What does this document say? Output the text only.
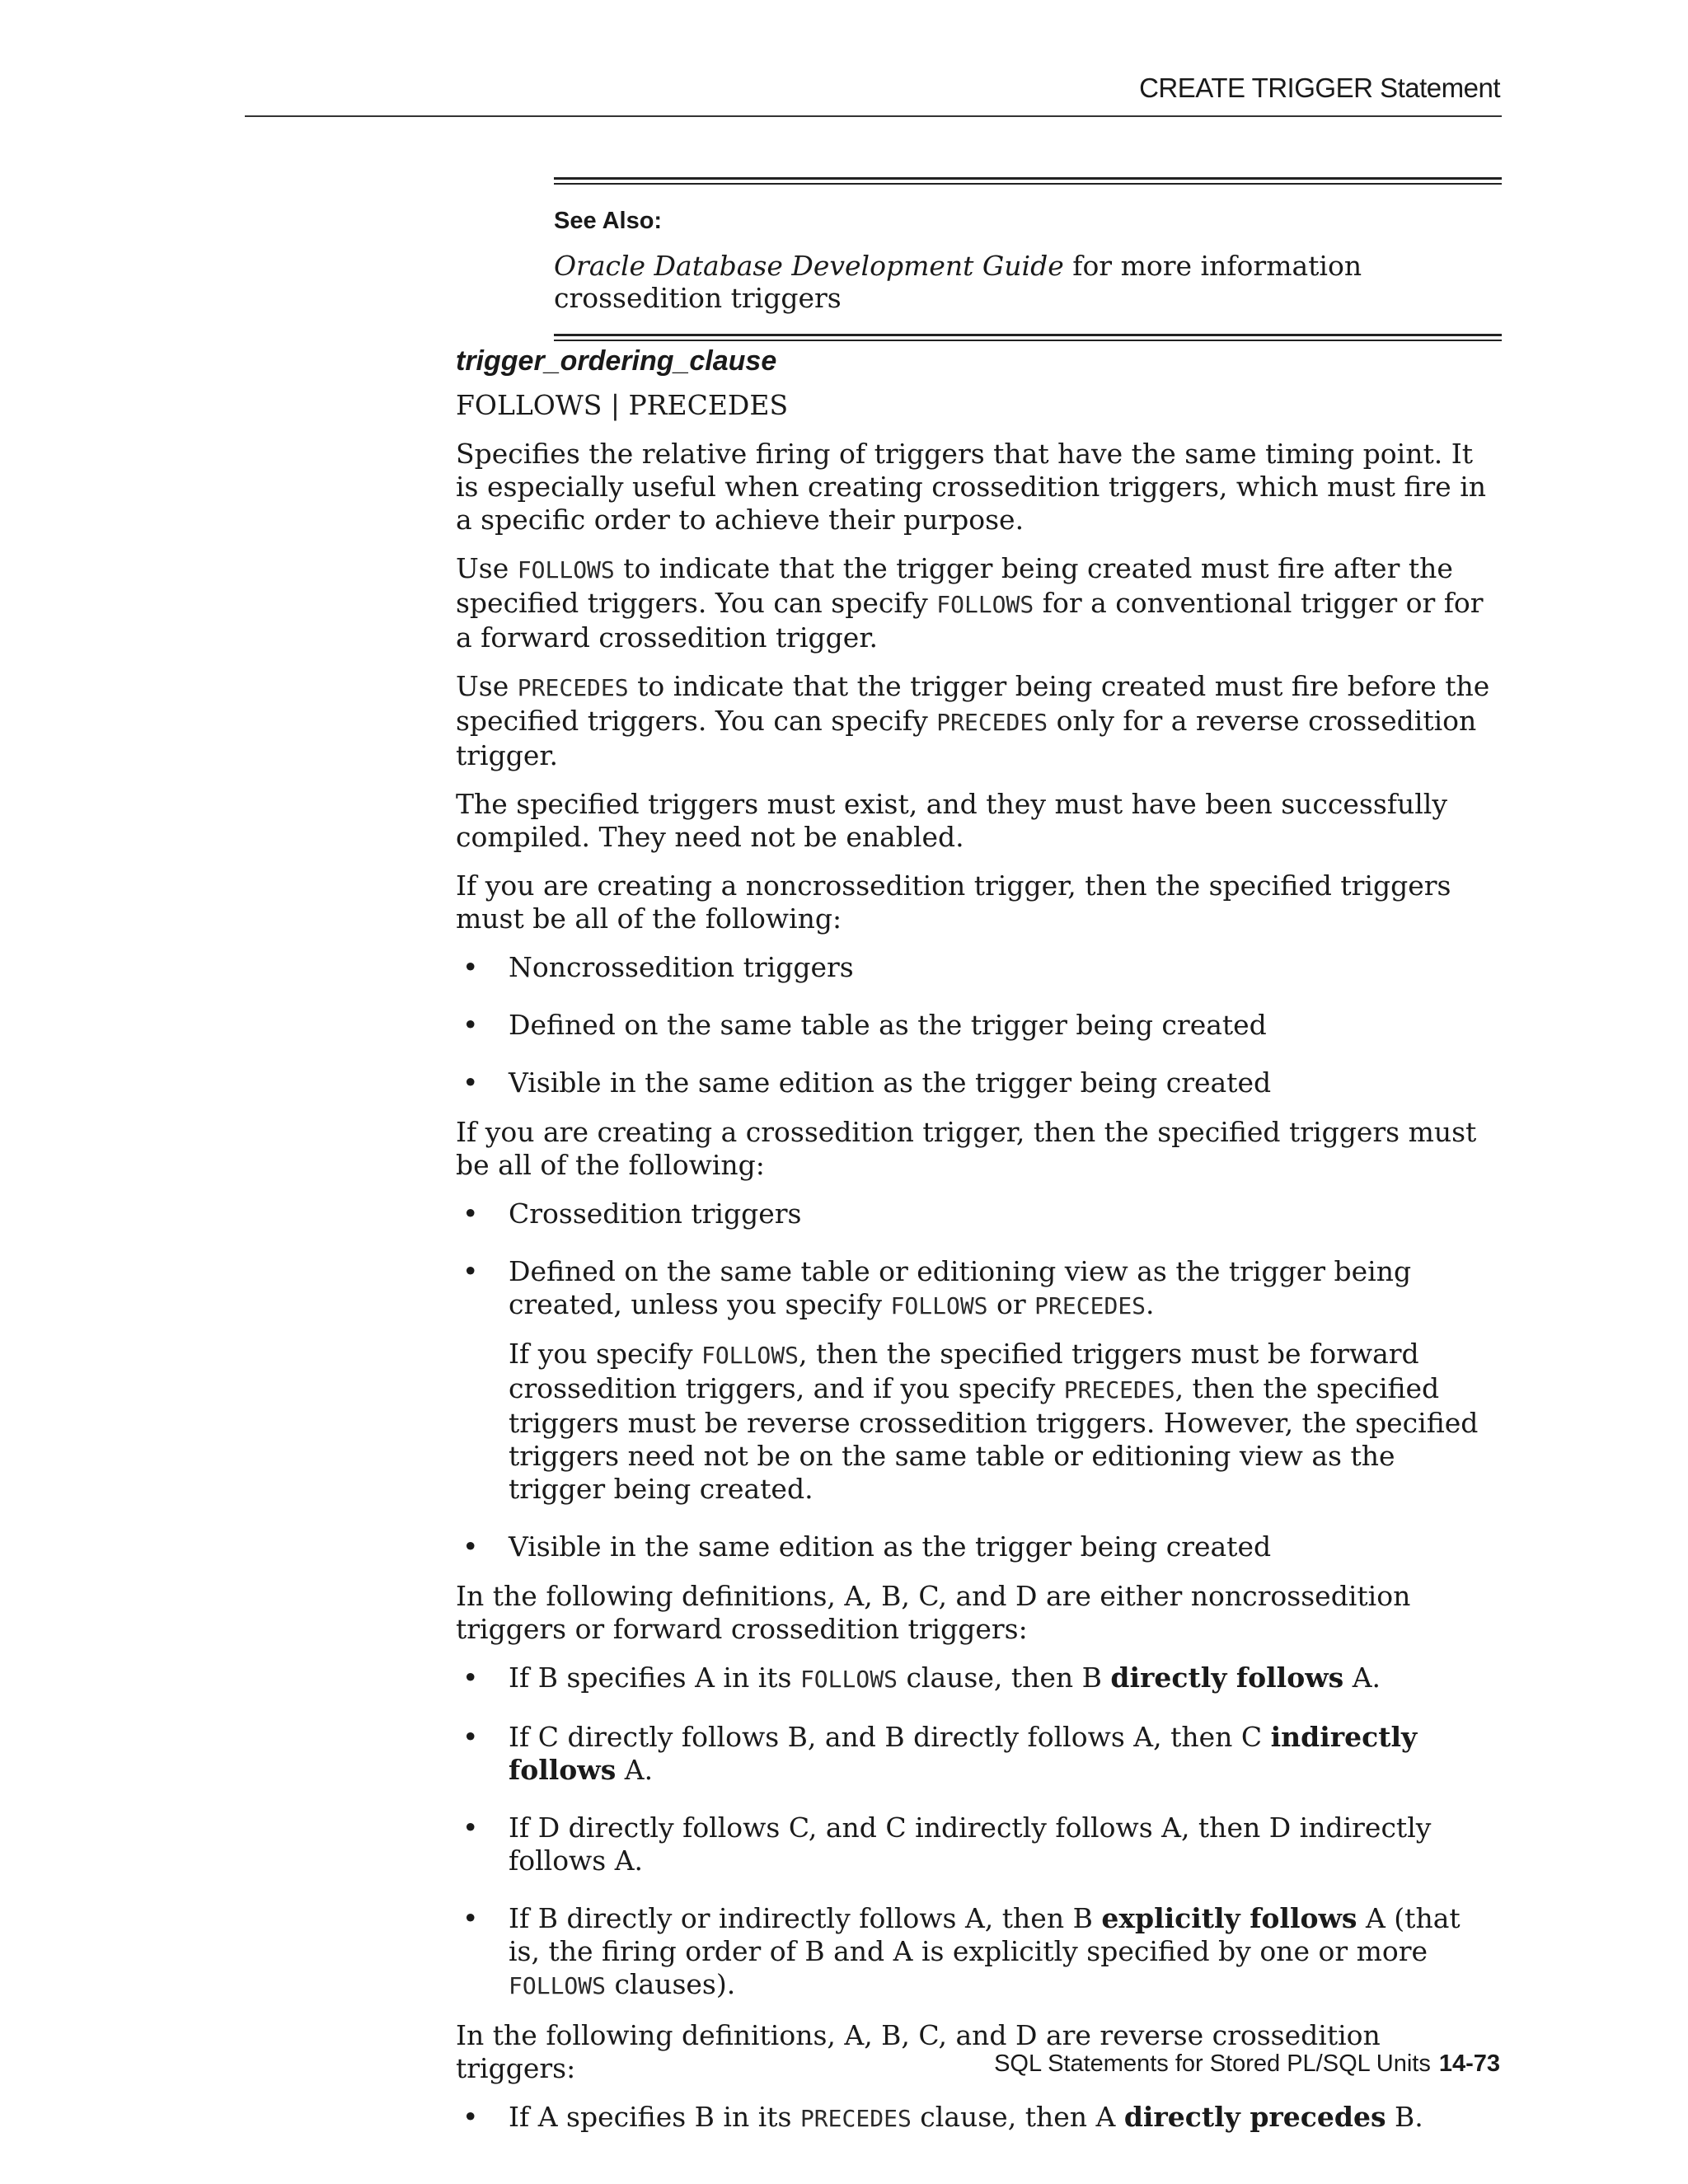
CREATE TRIGGER Statement
See Also:
Oracle Database Development Guide for more information crossedition triggers
trigger_ordering_clause

FOLLOWS | PRECEDES

Specifies the relative firing of triggers that have the same timing point. It is especially useful when creating crossedition triggers, which must fire in a specific order to achieve their purpose.

Use FOLLOWS to indicate that the trigger being created must fire after the specified triggers. You can specify FOLLOWS for a conventional trigger or for a forward crossedition trigger.

Use PRECEDES to indicate that the trigger being created must fire before the specified triggers. You can specify PRECEDES only for a reverse crossedition trigger.

The specified triggers must exist, and they must have been successfully compiled. They need not be enabled.

If you are creating a noncrossedition trigger, then the specified triggers must be all of the following:

• Noncrossedition triggers
• Defined on the same table as the trigger being created
• Visible in the same edition as the trigger being created

If you are creating a crossedition trigger, then the specified triggers must be all of the following:

• Crossedition triggers
• Defined on the same table or editioning view as the trigger being created, unless you specify FOLLOWS or PRECEDES.

If you specify FOLLOWS, then the specified triggers must be forward crossedition triggers, and if you specify PRECEDES, then the specified triggers must be reverse crossedition triggers. However, the specified triggers need not be on the same table or editioning view as the trigger being created.

• Visible in the same edition as the trigger being created

In the following definitions, A, B, C, and D are either noncrossedition triggers or forward crossedition triggers:

• If B specifies A in its FOLLOWS clause, then B directly follows A.
• If C directly follows B, and B directly follows A, then C indirectly follows A.
• If D directly follows C, and C indirectly follows A, then D indirectly follows A.
• If B directly or indirectly follows A, then B explicitly follows A (that is, the firing order of B and A is explicitly specified by one or more FOLLOWS clauses).

In the following definitions, A, B, C, and D are reverse crossedition triggers:

• If A specifies B in its PRECEDES clause, then A directly precedes B.
SQL Statements for Stored PL/SQL Units 14-73
